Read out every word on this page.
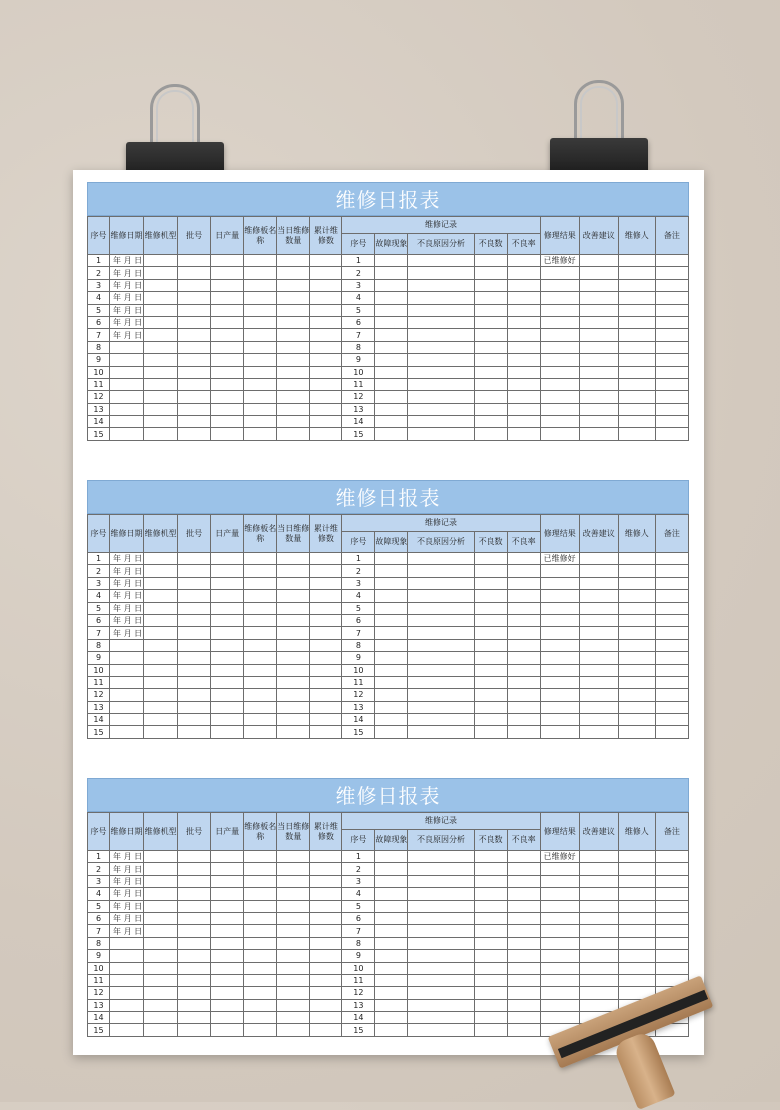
维修日报表
序号	维修日期	维修机型	批号	日产量	维修板名称	当日维修数量	累计维修数	维修记录					修理结果	改善建议	维修人	备注
								序号	故障现象	不良原因分析	不良数	不良率				
1	年 月 日							1					已维修好			
2	年 月 日							2								
3	年 月 日							3								
4	年 月 日							4								
5	年 月 日							5								
6	年 月 日							6								
7	年 月 日							7								
8								8								
9								9								
10								10								
11								11								
12								12								
13								13								
14								14								
15								15								
维修日报表
序号	维修日期	维修机型	批号	日产量	维修板名称	当日维修数量	累计维修数	维修记录					修理结果	改善建议	维修人	备注
								序号	故障现象	不良原因分析	不良数	不良率				
1	年 月 日							1					已维修好			
2	年 月 日							2								
3	年 月 日							3								
4	年 月 日							4								
5	年 月 日							5								
6	年 月 日							6								
7	年 月 日							7								
8								8								
9								9								
10								10								
11								11								
12								12								
13								13								
14								14								
15								15								
维修日报表
序号	维修日期	维修机型	批号	日产量	维修板名称	当日维修数量	累计维修数	维修记录					修理结果	改善建议	维修人	备注
								序号	故障现象	不良原因分析	不良数	不良率				
1	年 月 日							1					已维修好			
2	年 月 日							2								
3	年 月 日							3								
4	年 月 日							4								
5	年 月 日							5								
6	年 月 日							6								
7	年 月 日							7								
8								8								
9								9								
10								10								
11								11								
12								12								
13								13								
14								14								
15								15								
